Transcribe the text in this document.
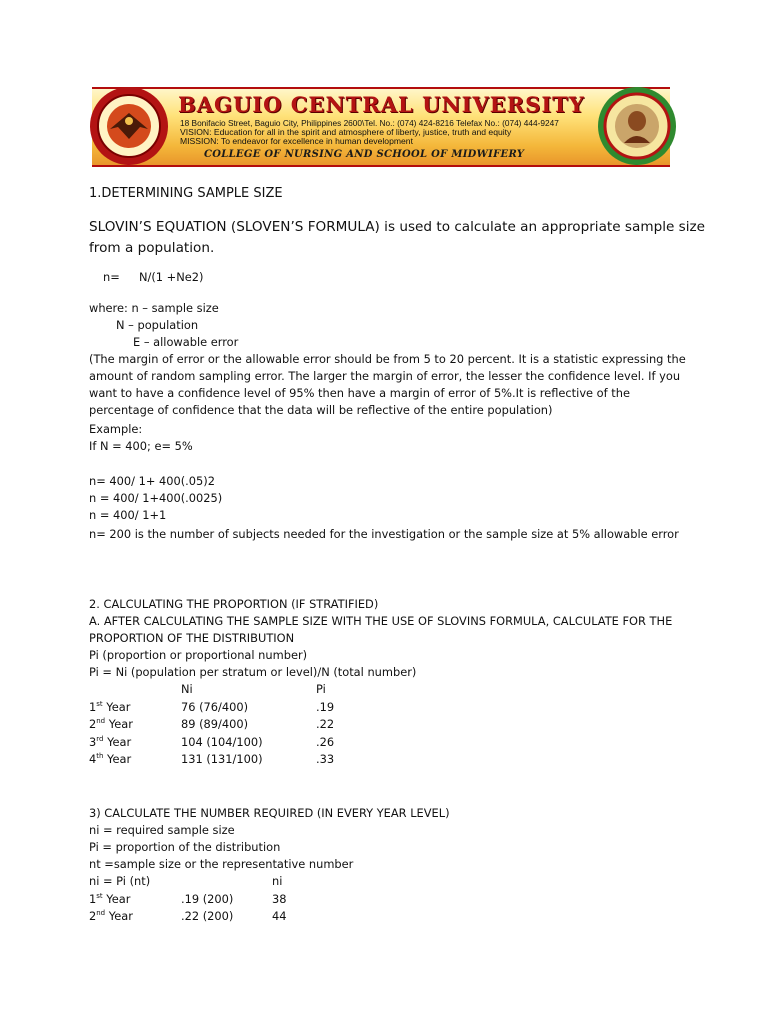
BAGUIO CENTRAL UNIVERSITY
18 Bonifacio Street, Baguio City, Philippines 2600\Tel. No.: (074) 424-8216 Telefax No.: (074) 444-9247
VISION: Education for all in the spirit and atmosphere of liberty, justice, truth and equity
MISSION: To endeavor for excellence in human development
COLLEGE OF NURSING AND SCHOOL OF MIDWIFERY
1.DETERMINING SAMPLE SIZE
SLOVIN’S EQUATION (SLOVEN’S FORMULA) is used to calculate an appropriate sample size
from a population.
n= N/(1 +Ne2)
where: n – sample size
N – population
E – allowable error
(The margin of error or the allowable error should be from 5 to 20 percent. It is a statistic expressing the
amount of random sampling error. The larger the margin of error, the lesser the confidence level. If you
want to have a confidence level of 95% then have a margin of error of 5%.It is reflective of the
percentage of confidence that the data will be reflective of the entire population)
Example:
If N = 400; e= 5%
n= 400/ 1+ 400(.05)2
n = 400/ 1+400(.0025)
n = 400/ 1+1
n= 200 is the number of subjects needed for the investigation or the sample size at 5% allowable error
2. CALCULATING THE PROPORTION (IF STRATIFIED)
A. AFTER CALCULATING THE SAMPLE SIZE WITH THE USE OF SLOVINS FORMULA, CALCULATE FOR THE
PROPORTION OF THE DISTRIBUTION
Pi (proportion or proportional number)
Pi = Ni (population per stratum or level)/N (total number)
Ni	Pi
1st Year	76 (76/400)	.19
2nd Year	89 (89/400)	.22
3rd Year	104 (104/100)	.26
4th Year	131 (131/100)	.33
3) CALCULATE THE NUMBER REQUIRED (IN EVERY YEAR LEVEL)
ni = required sample size
Pi = proportion of the distribution
nt =sample size or the representative number
ni = Pi (nt)	ni
1st Year	.19 (200)	38
2nd Year	.22 (200)	44
